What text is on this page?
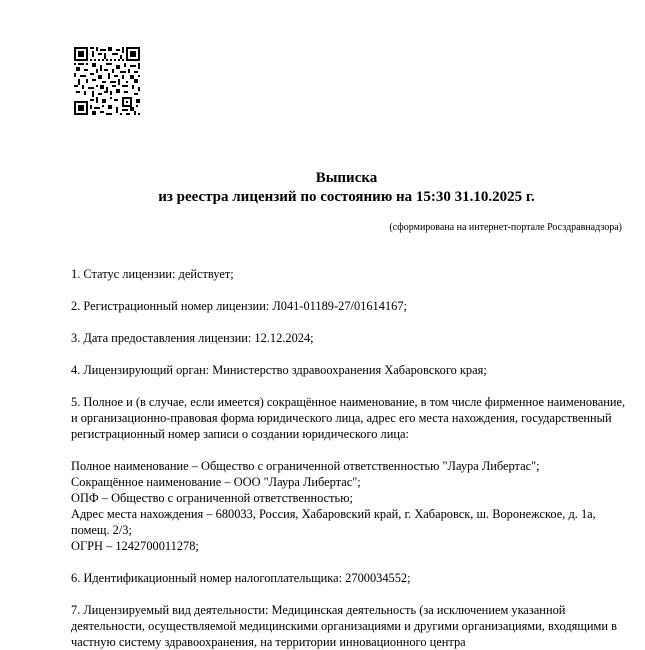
Выписка
из реестра лицензий по состоянию на 15:30 31.10.2025 г.
(сформирована на интернет-портале Росздравнадзора)

1. Статус лицензии: действует;

2. Регистрационный номер лицензии: Л041-01189-27/01614167;

3. Дата предоставления лицензии: 12.12.2024;

4. Лицензирующий орган: Министерство здравоохранения Хабаровского края;

5. Полное и (в случае, если имеется) сокращённое наименование, в том числе фирменное наименование, и организационно-правовая форма юридического лица, адрес его места нахождения, государственный регистрационный номер записи о создании юридического лица:

Полное наименование – Общество с ограниченной ответственностью "Лаура Либертас";

Сокращённое наименование – ООО "Лаура Либертас";

ОПФ – Общество с ограниченной ответственностью;

Адрес места нахождения – 680033, Россия, Хабаровский край, г. Хабаровск, ш. Воронежское, д. 1а, помещ. 2/3;

ОГРН – 1242700011278;

6. Идентификационный номер налогоплательщика: 2700034552;

7. Лицензируемый вид деятельности: Медицинская деятельность (за исключением указанной деятельности, осуществляемой медицинскими организациями и другими организациями, входящими в частную систему здравоохранения, на территории инновационного центра
